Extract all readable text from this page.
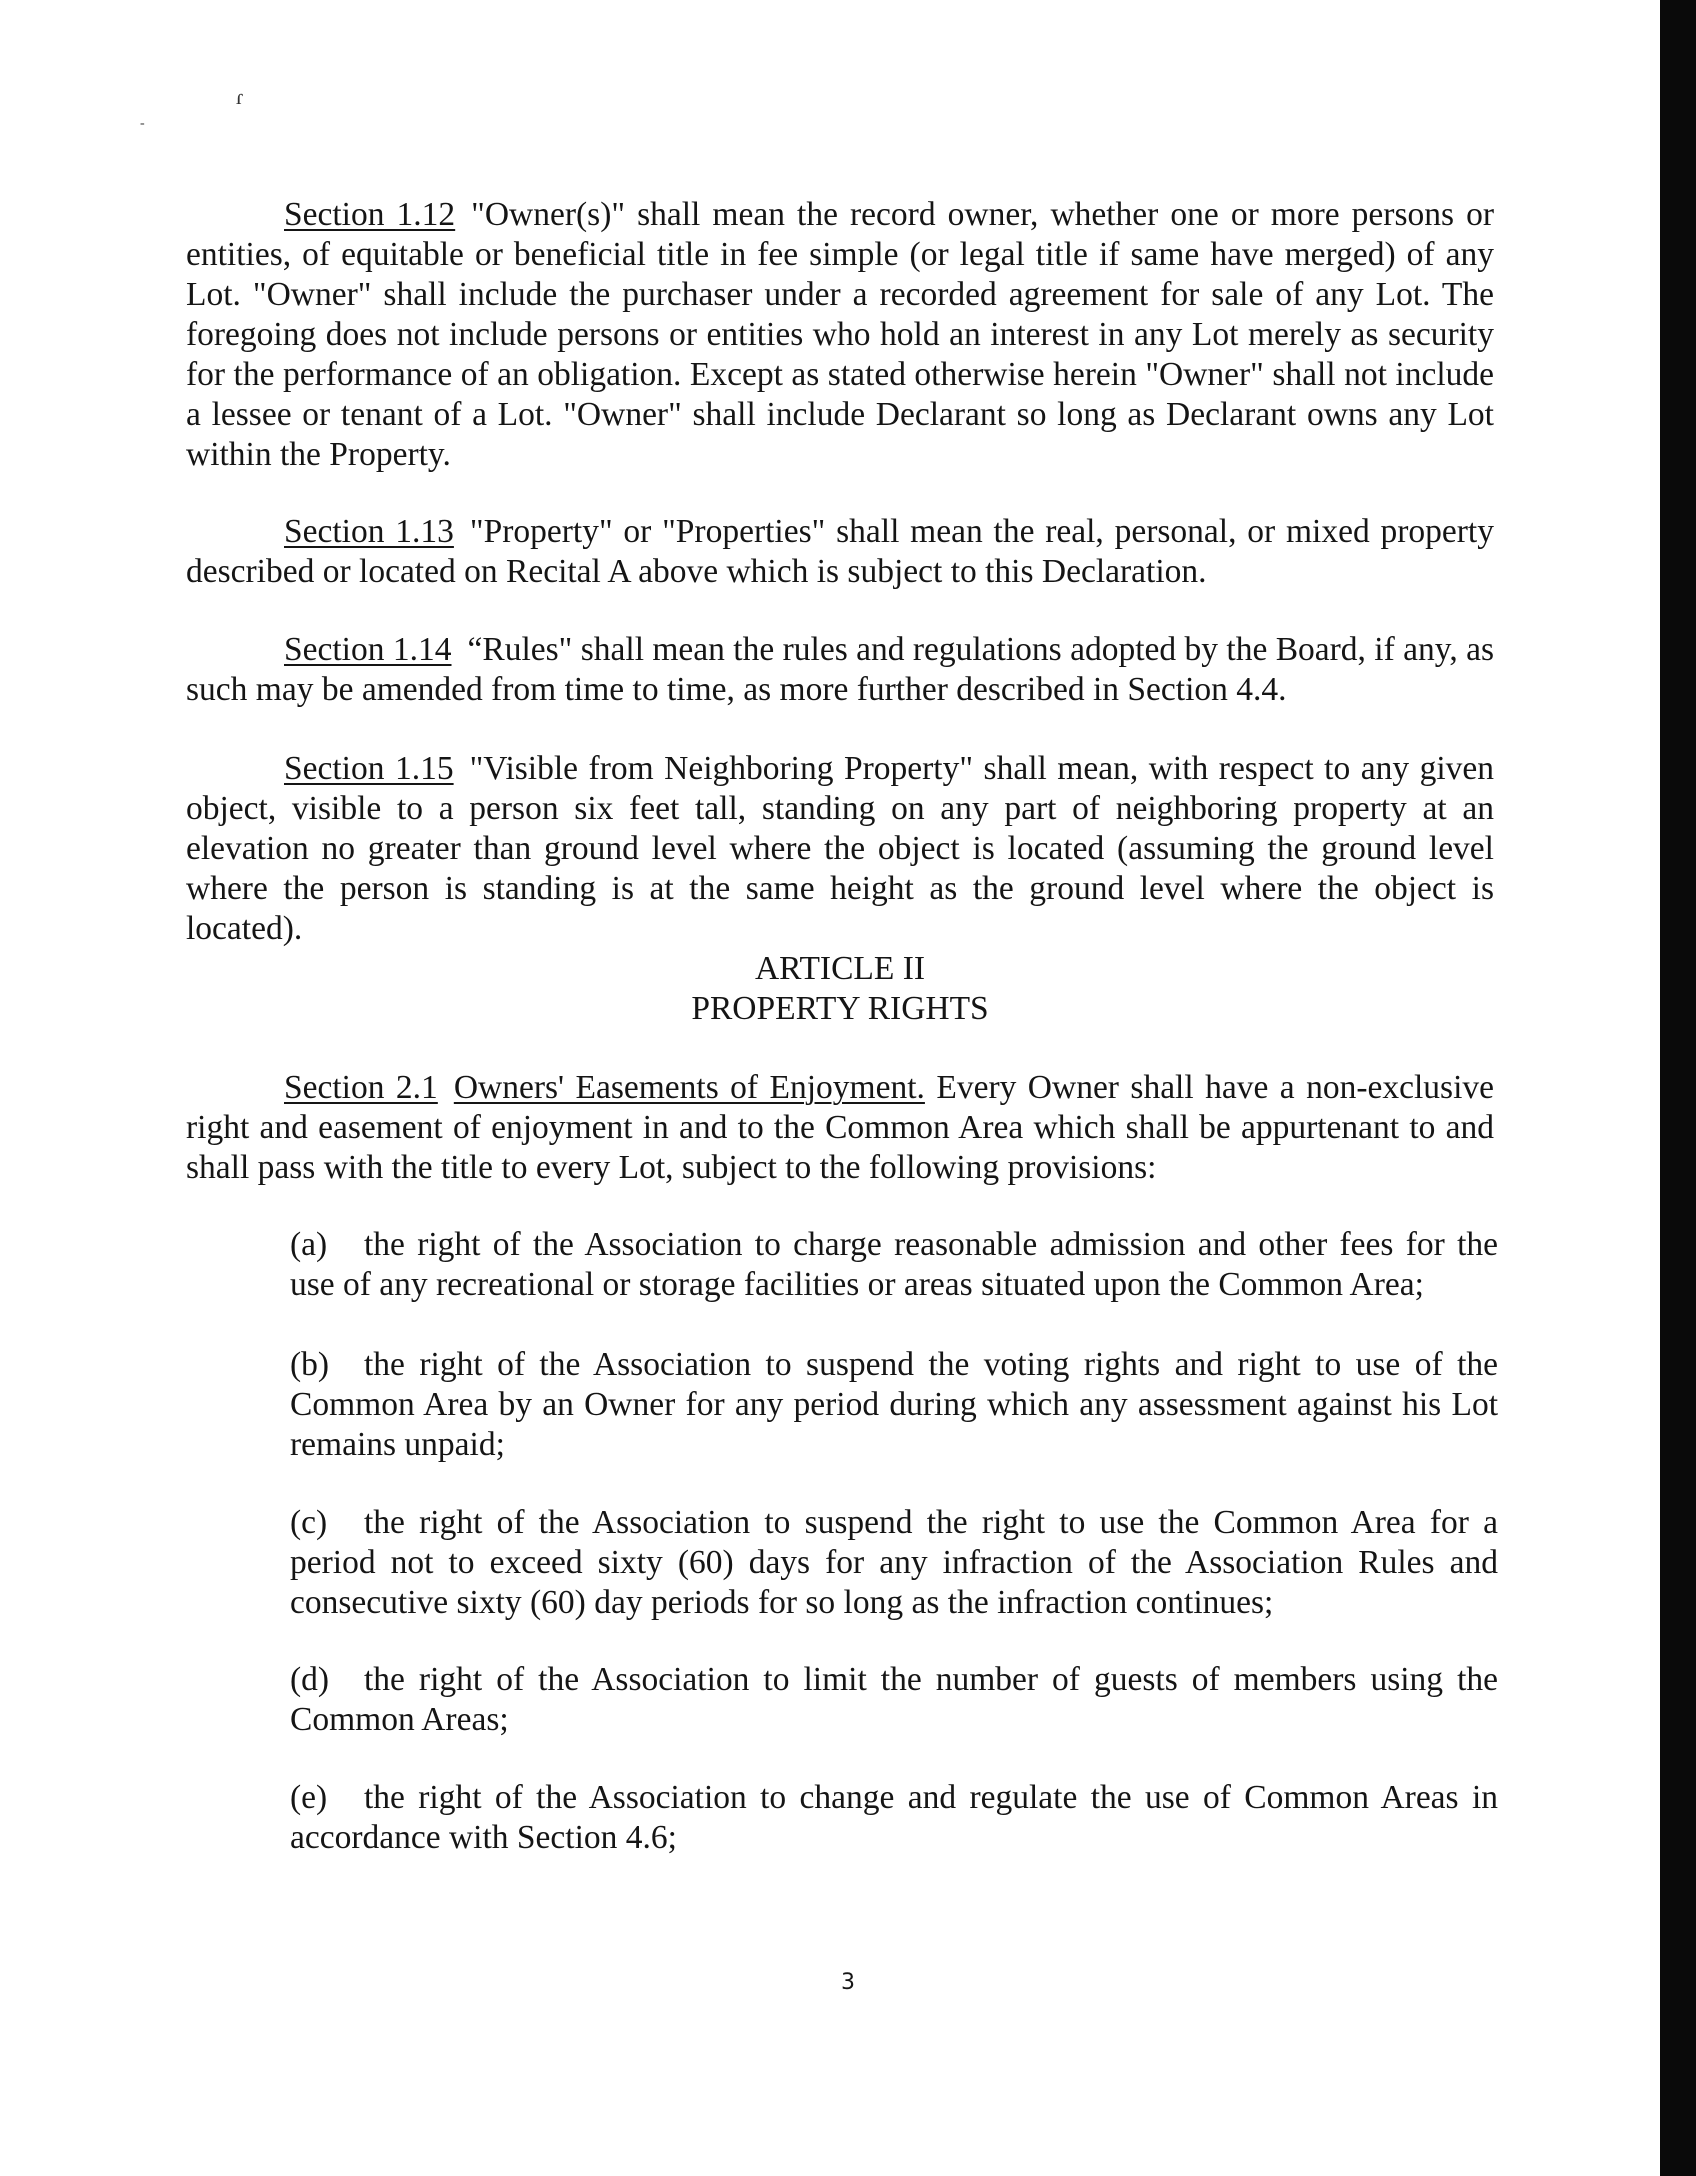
ɾ
-

Section 1.12 "Owner(s)" shall mean the record owner, whether one or more persons or entities, of equitable or beneficial title in fee simple (or legal title if same have merged) of any Lot. "Owner" shall include the purchaser under a recorded agreement for sale of any Lot. The foregoing does not include persons or entities who hold an interest in any Lot merely as security for the performance of an obligation. Except as stated otherwise herein "Owner" shall not include a lessee or tenant of a Lot. "Owner" shall include Declarant so long as Declarant owns any Lot within the Property.

Section 1.13 "Property" or "Properties" shall mean the real, personal, or mixed property described or located on Recital A above which is subject to this Declaration.

Section 1.14 “Rules" shall mean the rules and regulations adopted by the Board, if any, as such may be amended from time to time, as more further described in Section 4.4.

Section 1.15 "Visible from Neighboring Property" shall mean, with respect to any given object, visible to a person six feet tall, standing on any part of neighboring property at an elevation no greater than ground level where the object is located (assuming the ground level where the person is standing is at the same height as the ground level where the object is located).

ARTICLE II

PROPERTY RIGHTS

Section 2.1 Owners' Easements of Enjoyment. Every Owner shall have a non-exclusive right and easement of enjoyment in and to the Common Area which shall be appurtenant to and shall pass with the title to every Lot, subject to the following provisions:

(a) the right of the Association to charge reasonable admission and other fees for the use of any recreational or storage facilities or areas situated upon the Common Area;

(b) the right of the Association to suspend the voting rights and right to use of the Common Area by an Owner for any period during which any assessment against his Lot remains unpaid;

(c) the right of the Association to suspend the right to use the Common Area for a period not to exceed sixty (60) days for any infraction of the Association Rules and consecutive sixty (60) day periods for so long as the infraction continues;

(d) the right of the Association to limit the number of guests of members using the Common Areas;

(e) the right of the Association to change and regulate the use of Common Areas in accordance with Section 4.6;

3
